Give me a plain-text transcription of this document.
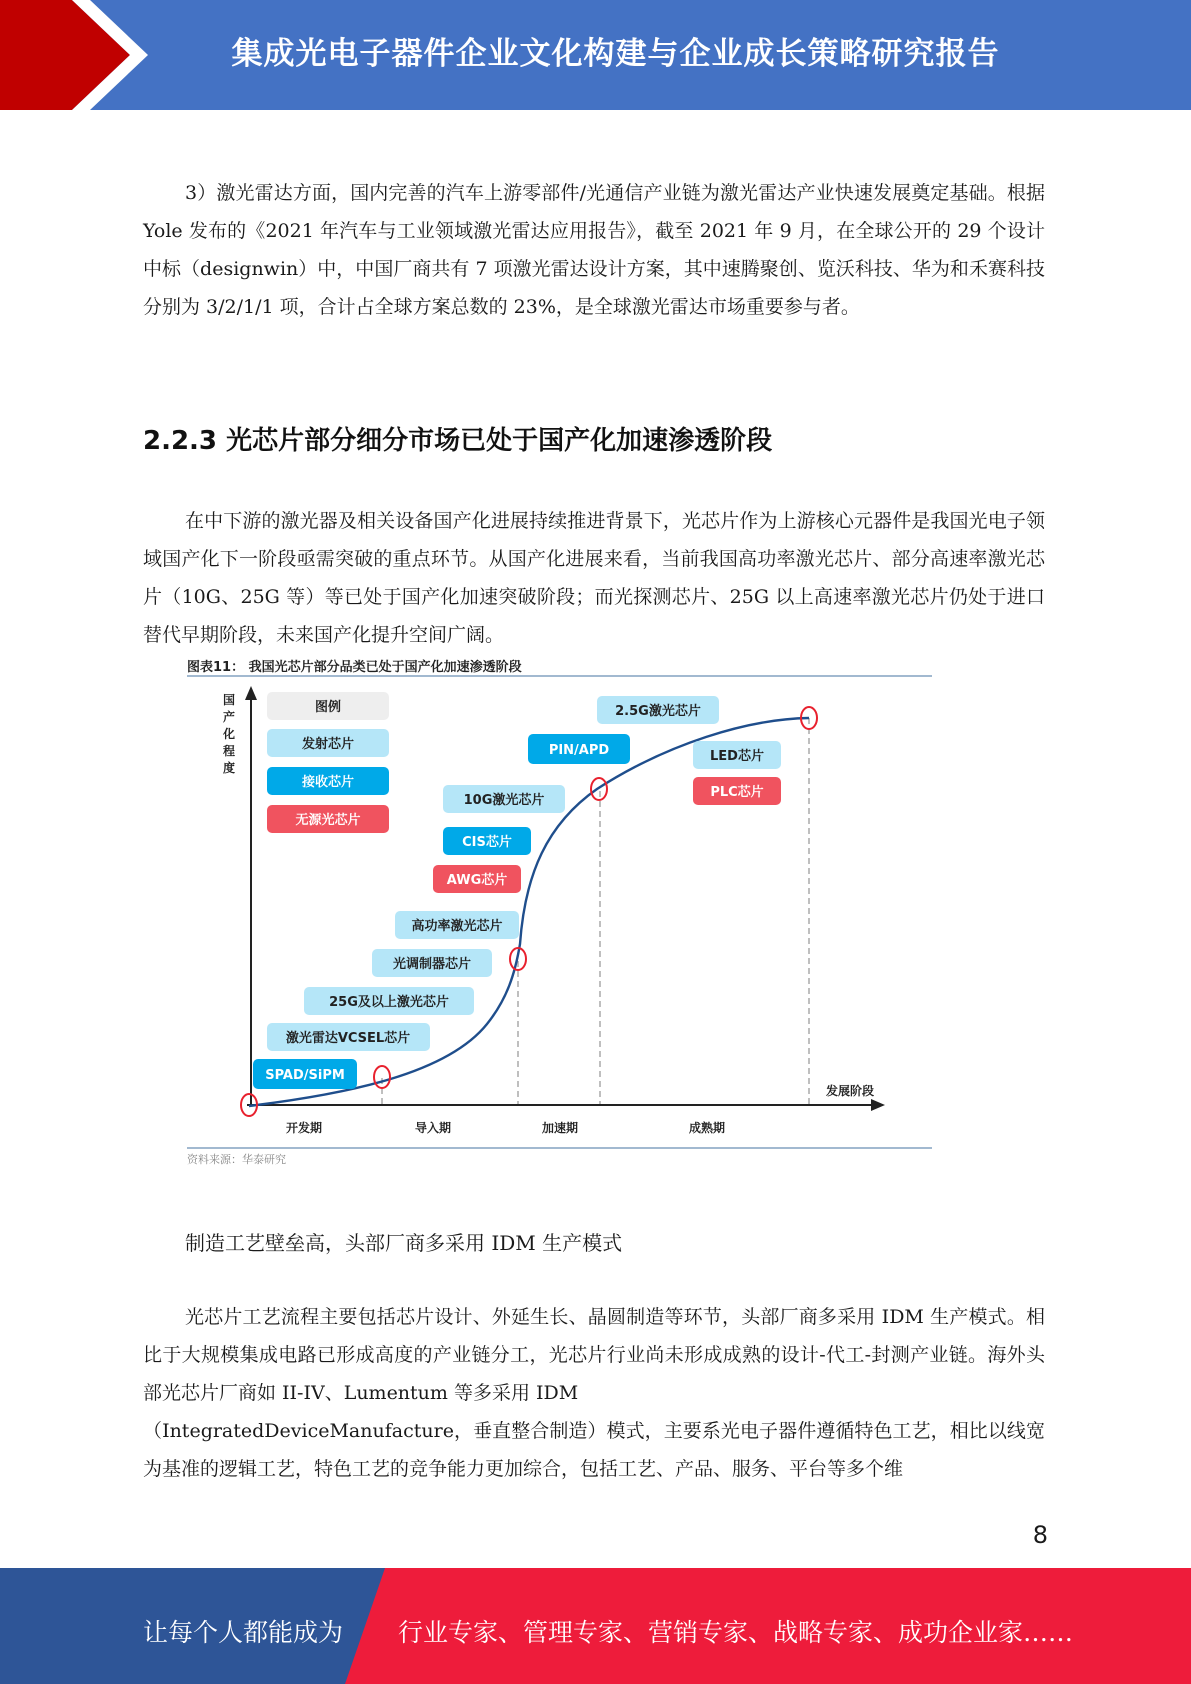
集成光电子器件企业文化构建与企业成长策略研究报告

3）激光雷达方面，国内完善的汽车上游零部件/光通信产业链为激光雷达产业快速发展奠定基础。根据 Yole 发布的《2021 年汽车与工业领域激光雷达应用报告》，截至 2021 年 9 月，在全球公开的 29 个设计中标（designwin）中，中国厂商共有 7 项激光雷达设计方案，其中速腾聚创、览沃科技、华为和禾赛科技分别为 3/2/1/1 项，合计占全球方案总数的 23%，是全球激光雷达市场重要参与者。

2.2.3 光芯片部分细分市场已处于国产化加速渗透阶段

在中下游的激光器及相关设备国产化进展持续推进背景下，光芯片作为上游核心元器件是我国光电子领域国产化下一阶段亟需突破的重点环节。从国产化进展来看，当前我国高功率激光芯片、部分高速率激光芯片（10G、25G 等）等已处于国产化加速突破阶段；而光探测芯片、25G 以上高速率激光芯片仍处于进口替代早期阶段，未来国产化提升空间广阔。

图表11： 我国光芯片部分品类已处于国产化加速渗透阶段
国产化程度
发展阶段
开发期	导入期	加速期	成熟期
图例
发射芯片
接收芯片
无源光芯片
SPAD/SiPM
激光雷达VCSEL芯片
25G及以上激光芯片
光调制器芯片
高功率激光芯片
AWG芯片
CIS芯片
10G激光芯片
PIN/APD
2.5G激光芯片
LED芯片
PLC芯片
资料来源：华泰研究
制造工艺壁垒高，头部厂商多采用 IDM 生产模式

光芯片工艺流程主要包括芯片设计、外延生长、晶圆制造等环节，头部厂商多采用 IDM 生产模式。相比于大规模集成电路已形成高度的产业链分工，光芯片行业尚未形成成熟的设计-代工-封测产业链。海外头部光芯片厂商如 II-IV、Lumentum 等多采用 IDM

（IntegratedDeviceManufacture，垂直整合制造）模式，主要系光电子器件遵循特色工艺，相比以线宽为基准的逻辑工艺，特色工艺的竞争能力更加综合，包括工艺、产品、服务、平台等多个维

8
让每个人都能成为 行业专家、管理专家、营销专家、战略专家、成功企业家……
